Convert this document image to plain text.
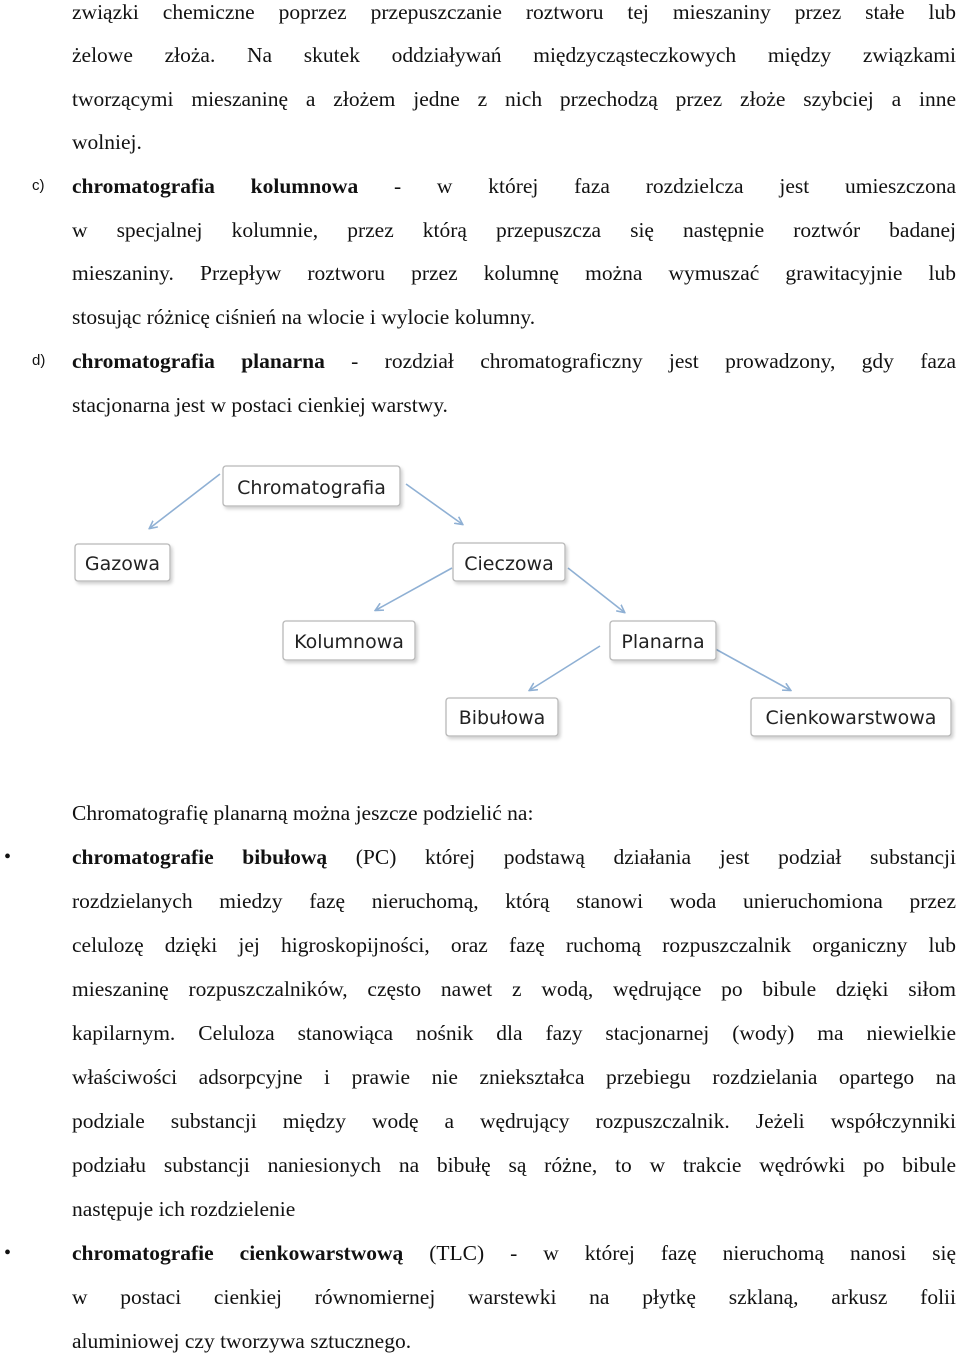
związki chemiczne poprzez przepuszczanie roztworu tej mieszaniny przez stałe lub
żelowe złoża. Na skutek oddziaływań międzycząsteczkowych między związkami
tworzącymi mieszaninę a złożem jedne z nich przechodzą przez złoże szybciej a inne
wolniej.
c) chromatografia kolumnowa - w której faza rozdzielcza jest umieszczona
w specjalnej kolumnie, przez którą przepuszcza się następnie roztwór badanej
mieszaniny. Przepływ roztworu przez kolumnę można wymuszać grawitacyjnie lub
stosując różnicę ciśnień na wlocie i wylocie kolumny.
d) chromatografia planarna - rozdział chromatograficzny jest prowadzony, gdy faza
stacjonarna jest w postaci cienkiej warstwy.
Chromatografia
Gazowa	Cieczowa
Kolumnowa	Planarna
Bibułowa	Cienkowarstwowa
Chromatografię planarną można jeszcze podzielić na:
•	chromatografie bibułową (PC) której podstawą działania jest podział substancji
rozdzielanych miedzy fazę nieruchomą, którą stanowi woda unieruchomiona przez
celulozę dzięki jej higroskopijności, oraz fazę ruchomą rozpuszczalnik organiczny lub
mieszaninę rozpuszczalników, często nawet z wodą, wędrujące po bibule dzięki siłom
kapilarnym. Celuloza stanowiąca nośnik dla fazy stacjonarnej (wody) ma niewielkie
właściwości adsorpcyjne i prawie nie zniekształca przebiegu rozdzielania opartego na
podziale substancji między wodę a wędrujący rozpuszczalnik. Jeżeli współczynniki
podziału substancji naniesionych na bibułę są różne, to w trakcie wędrówki po bibule
następuje ich rozdzielenie
•	chromatografie cienkowarstwową (TLC) - w której fazę nieruchomą nanosi się
w postaci cienkiej równomiernej warstewki na płytkę szklaną, arkusz folii
aluminiowej czy tworzywa sztucznego.
